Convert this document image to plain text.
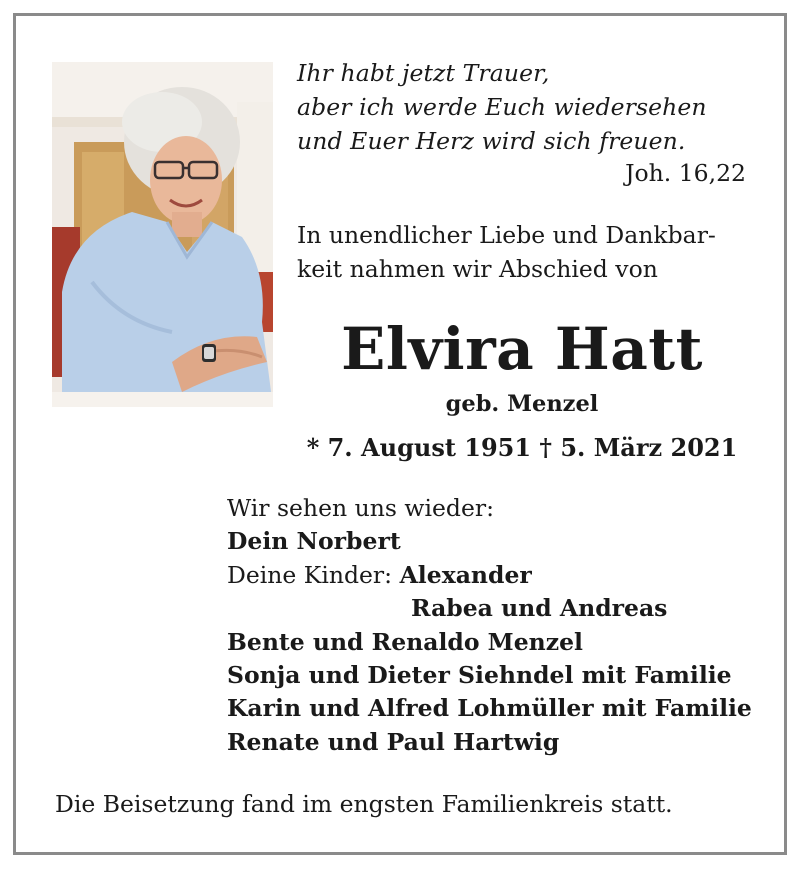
Ihr habt jetzt Trauer,
aber ich werde Euch wiedersehen
und Euer Herz wird sich freuen.
Joh. 16,22
In unendlicher Liebe und Dankbar-
keit nahmen wir Abschied von
Elvira Hatt
geb. Menzel
* 7. August 1951 † 5. März 2021
Wir sehen uns wieder:
Dein Norbert
Deine Kinder: Alexander
Rabea und Andreas
Bente und Renaldo Menzel
Sonja und Dieter Siehndel mit Familie
Karin und Alfred Lohmüller mit Familie
Renate und Paul Hartwig
Die Beisetzung fand im engsten Familienkreis statt.
